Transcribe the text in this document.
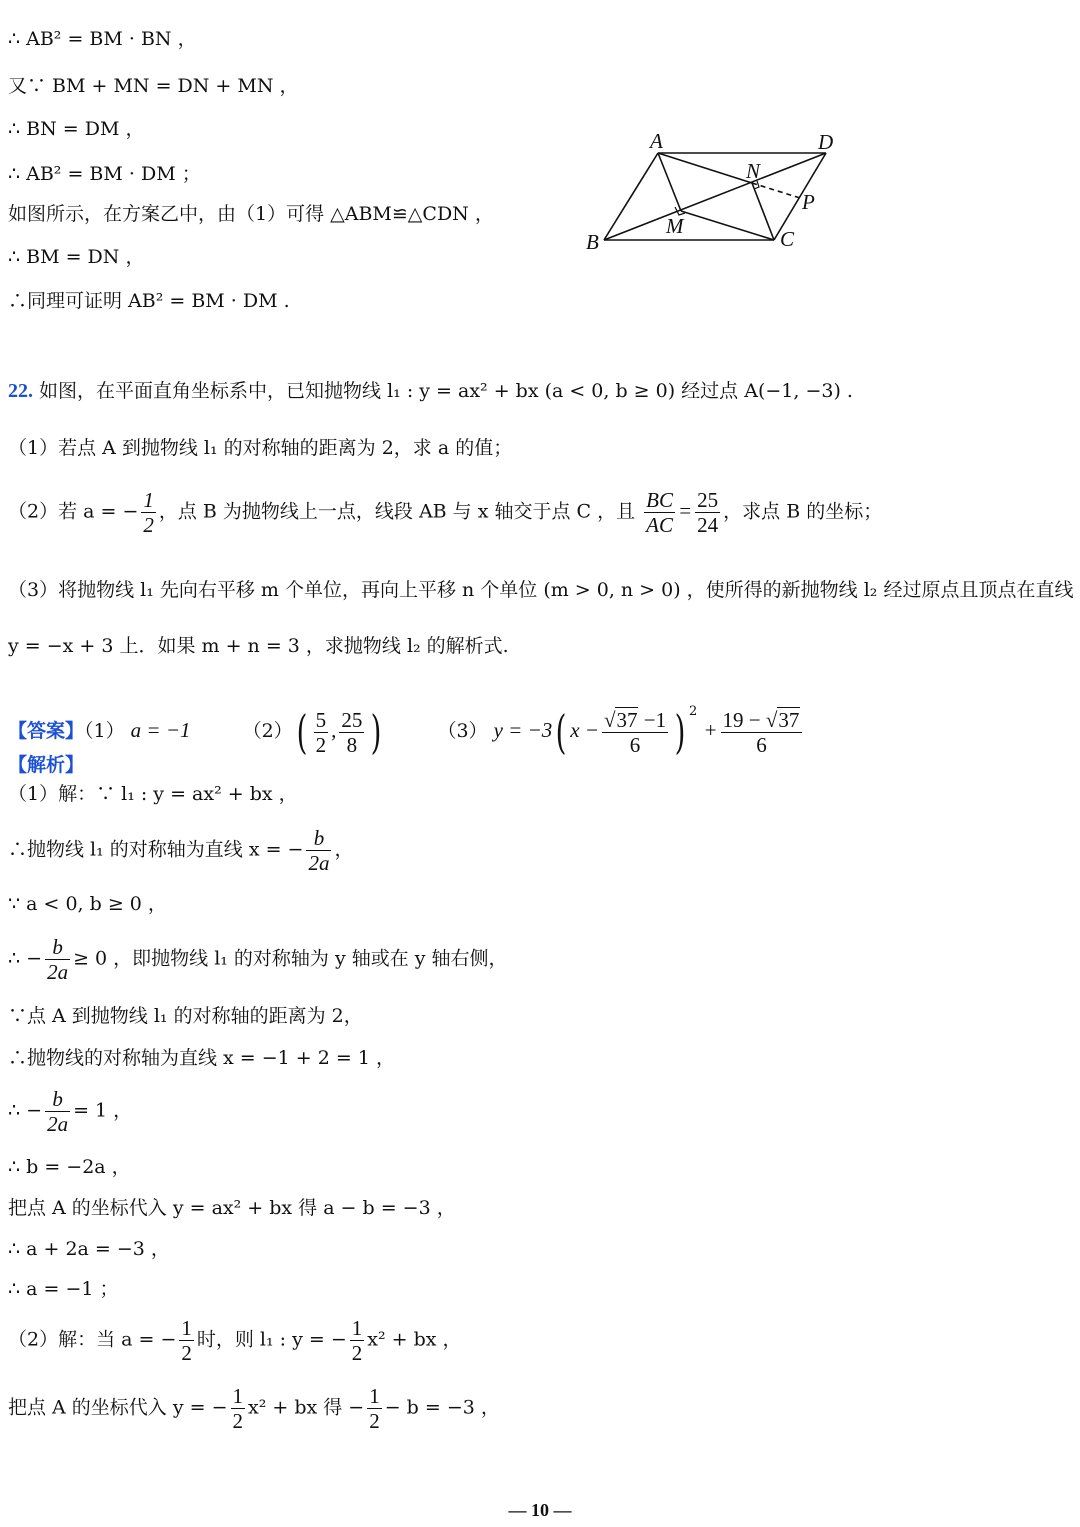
∴ AB² = BM · BN ，
又∵ BM + MN = DN + MN ，
∴ BN = DM ，
∴ AB² = BM · DM ；
如图所示，在方案乙中，由（1）可得 △ABM≌△CDN ，
∴ BM = DN ，
∴同理可证明 AB² = BM · DM .
A	D
N
P
M
B	C
22. 如图，在平面直角坐标系中，已知抛物线 l₁ : y = ax² + bx (a < 0, b ≥ 0) 经过点 A(−1, −3) .
（1）若点 A 到抛物线 l₁ 的对称轴的距离为 2，求 a 的值；
（2）若 a = − $\frac{1}{2}$ ，点 B 为抛物线上一点，线段 AB 与 x 轴交于点 C ，且 $\frac{BC}{AC} = \frac{25}{24}$ ，求点 B 的坐标；
（3）将抛物线 l₁ 先向右平移 m 个单位，再向上平移 n 个单位 (m > 0, n > 0) ，使所得的新抛物线 l₂ 经过原点且顶点在直线
y = −x + 3 上．如果 m + n = 3 ，求抛物线 l₂ 的解析式.
【答案】（1） a = −1	$(2)( \frac{5}{2}$ , $\frac{25}{8}$ )	（3） y = −3( $x - \frac{√37 -1}{6}$ ) $^2 + \frac{19 - √37}{6}$
【解析】
（1）解：∵ l₁ : y = ax² + bx ，
∴抛物线 l₁ 的对称轴为直线 x = − $\frac{b}{2a}$ ，
∵ a < 0, b ≥ 0 ，
∴ − $\frac{b}{2a} \ge 0$ ，即抛物线 l₁ 的对称轴为 y 轴或在 y 轴右侧，
∵点 A 到抛物线 l₁ 的对称轴的距离为 2，
∴抛物线的对称轴为直线 x = −1 + 2 = 1 ，
∴ − $\frac{b}{2a} = 1$ ，
∴ b = −2a ，
把点 A 的坐标代入 y = ax² + bx 得 a − b = −3 ，
∴ a + 2a = −3 ，
∴ a = −1 ；
（2）解：当 a = − $\frac{1}{2}$ 时，则 l₁ : y = − $\frac{1}{2} x^2$ + bx ，
把点 A 的坐标代入 y = − $\frac{1}{2} x^2$ + bx 得 − $\frac{1}{2} - b = -3$ ，
— 10 —
